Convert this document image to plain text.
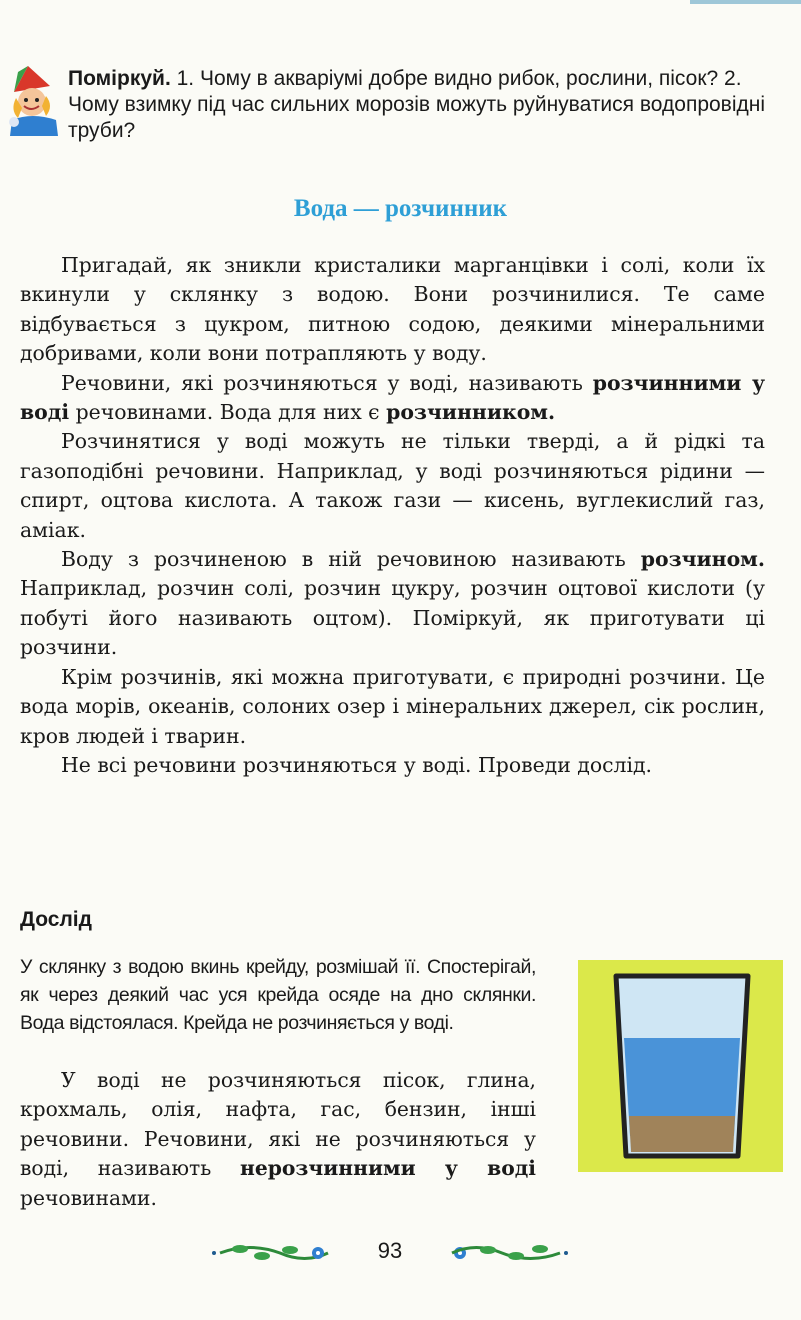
Поміркуй. 1. Чому в акваріумі добре видно рибок, рослини, пісок? 2. Чому взимку під час сильних морозів можуть руйнуватися водопровідні труби?
Вода — розчинник

Пригадай, як зникли кристалики марганцівки і солі, коли їх вкинули у склянку з водою. Вони розчинилися. Те саме відбувається з цукром, питною содою, деякими мінеральними добривами, коли вони потрапляють у воду.

Речовини, які розчиняються у воді, називають розчинними у воді речовинами. Вода для них є розчинником.

Розчинятися у воді можуть не тільки тверді, а й рідкі та газоподібні речовини. Наприклад, у воді розчиняються рідини — спирт, оцтова кислота. А також гази — кисень, вуглекислий газ, аміак.

Воду з розчиненою в ній речовиною називають розчином. Наприклад, розчин солі, розчин цукру, розчин оцтової кислоти (у побуті його називають оцтом). Поміркуй, як приготувати ці розчини.

Крім розчинів, які можна приготувати, є природні розчини. Це вода морів, океанів, солоних озер і мінеральних джерел, сік рослин, кров людей і тварин.

Не всі речовини розчиняються у воді. Проведи дослід.

Дослід
У склянку з водою вкинь крейду, розмішай її. Спостерігай, як через деякий час уся крейда осяде на дно склянки. Вода відстоялася. Крейда не розчиняється у воді.

У воді не розчиняються пісок, глина, крохмаль, олія, нафта, гас, бензин, інші речовини. Речовини, які не розчиняються у воді, називають нерозчинними у воді речовинами.

93
